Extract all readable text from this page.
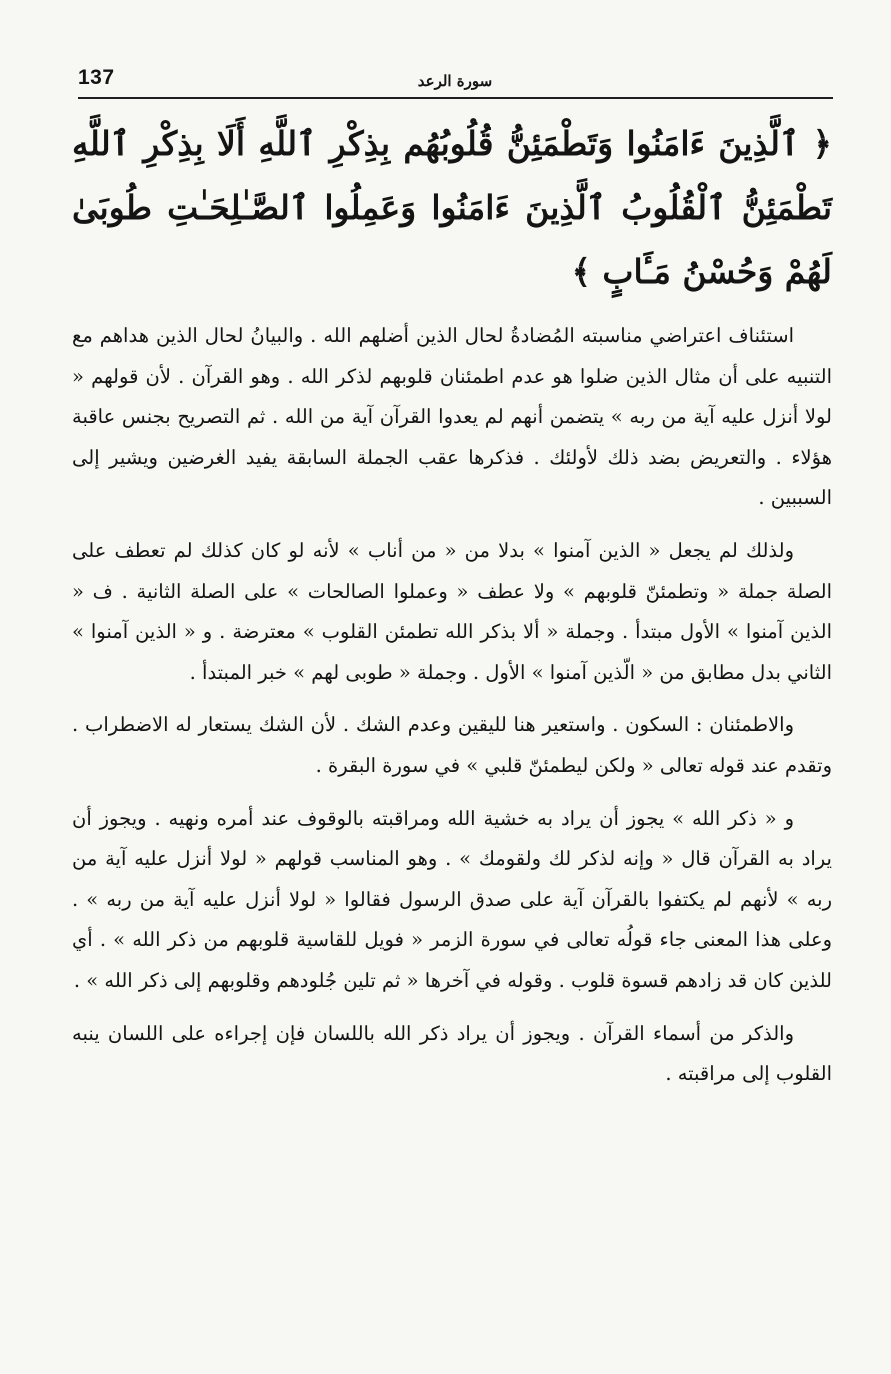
137	سورة الرعد

﴿ ٱلَّذِينَ ءَامَنُوا وَتَطْمَئِنُّ قُلُوبُهُم بِذِكْرِ ٱللَّهِ أَلَا بِذِكْرِ ٱللَّهِ تَطْمَئِنُّ ٱلْقُلُوبُ ٱلَّذِينَ ءَامَنُوا وَعَمِلُوا ٱلصَّـٰلِحَـٰتِ طُوبَىٰ لَهُمْ وَحُسْنُ مَـَٔابٍ ﴾

استئناف اعتراضي مناسبته المُضادةُ لحال الذين أضلهم الله . والبيانُ لحال الذين هداهم مع التنبيه على أن مثال الذين ضلوا هو عدم اطمئنان قلوبهم لذكر الله . وهو القرآن . لأن قولهم « لولا أنزل عليه آية من ربه » يتضمن أنهم لم يعدوا القرآن آية من الله . ثم التصريح بجنس عاقبة هؤلاء . والتعريض بضد ذلك لأولئك . فذكرها عقب الجملة السابقة يفيد الغرضين ويشير إلى السببين .

ولذلك لم يجعل « الذين آمنوا » بدلا من « من أناب » لأنه لو كان كذلك لم تعطف على الصلة جملة « وتطمئنّ قلوبهم » ولا عطف « وعملوا الصالحات » على الصلة الثانية . ف « الذين آمنوا » الأول مبتدأ . وجملة « ألا بذكر الله تطمئن القلوب » معترضة . و « الذين آمنوا » الثاني بدل مطابق من « الّذين آمنوا » الأول . وجملة « طوبى لهم » خبر المبتدأ .

والاطمئنان : السكون . واستعير هنا لليقين وعدم الشك . لأن الشك يستعار له الاضطراب . وتقدم عند قوله تعالى « ولكن ليطمئنّ قلبي » في سورة البقرة .

و « ذكر الله » يجوز أن يراد به خشية الله ومراقبته بالوقوف عند أمره ونهيه . ويجوز أن يراد به القرآن قال « وإنه لذكر لك ولقومك » . وهو المناسب قولهم « لولا أنزل عليه آية من ربه » لأنهم لم يكتفوا بالقرآن آية على صدق الرسول فقالوا « لولا أنزل عليه آية من ربه » . وعلى هذا المعنى جاء قولُه تعالى في سورة الزمر « فويل للقاسية قلوبهم من ذكر الله » . أي للذين كان قد زادهم قسوة قلوب . وقوله في آخرها « ثم تلين جُلودهم وقلوبهم إلى ذكر الله » .

والذكر من أسماء القرآن . ويجوز أن يراد ذكر الله باللسان فإن إجراءه على اللسان ينبه القلوب إلى مراقبته .
